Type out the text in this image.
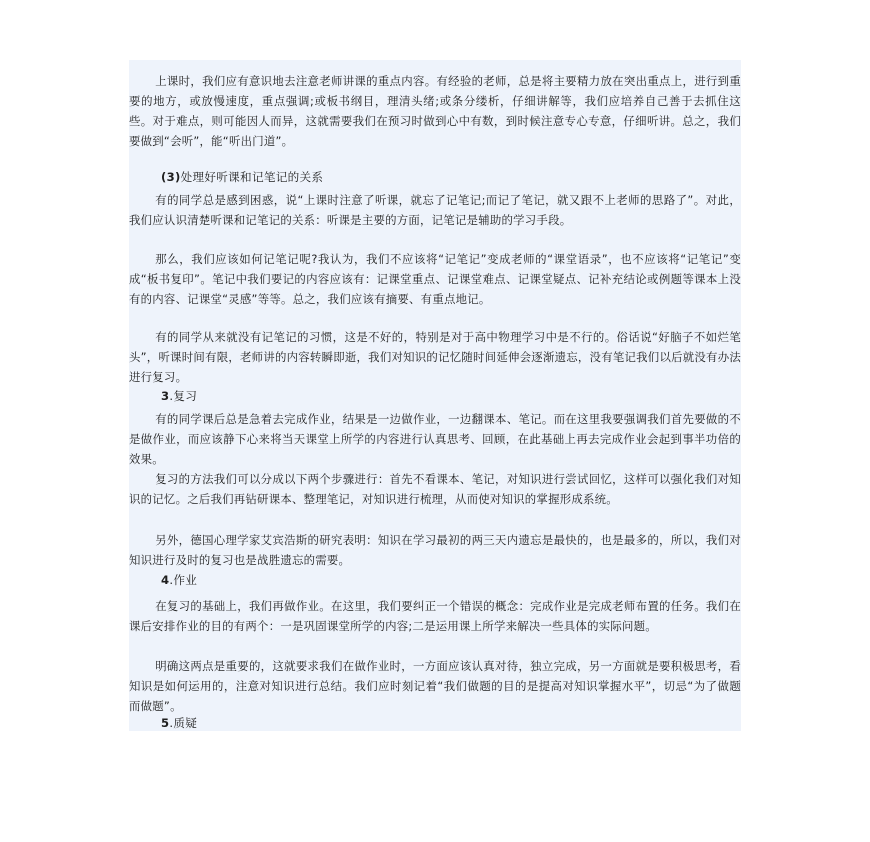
上课时，我们应有意识地去注意老师讲课的重点内容。有经验的老师，总是将主要精力放在突出重点上，进行到重要的地方，或放慢速度，重点强调;或板书纲目，理清头绪;或条分缕析，仔细讲解等，我们应培养自己善于去抓住这些。对于难点，则可能因人而异，这就需要我们在预习时做到心中有数，到时候注意专心专意，仔细听讲。总之，我们要做到“会听”，能“听出门道”。

(3)处理好听课和记笔记的关系

有的同学总是感到困惑，说“上课时注意了听课，就忘了记笔记;而记了笔记，就又跟不上老师的思路了”。对此，我们应认识清楚听课和记笔记的关系：听课是主要的方面，记笔记是辅助的学习手段。

那么，我们应该如何记笔记呢?我认为，我们不应该将“记笔记”变成老师的“课堂语录”，也不应该将“记笔记”变成“板书复印”。笔记中我们要记的内容应该有：记课堂重点、记课堂难点、记课堂疑点、记补充结论或例题等课本上没有的内容、记课堂“灵感”等等。总之，我们应该有摘要、有重点地记。

有的同学从来就没有记笔记的习惯，这是不好的，特别是对于高中物理学习中是不行的。俗话说“好脑子不如烂笔头”，听课时间有限，老师讲的内容转瞬即逝，我们对知识的记忆随时间延伸会逐渐遗忘，没有笔记我们以后就没有办法进行复习。

3.复习

有的同学课后总是急着去完成作业，结果是一边做作业，一边翻课本、笔记。而在这里我要强调我们首先要做的不是做作业，而应该静下心来将当天课堂上所学的内容进行认真思考、回顾，在此基础上再去完成作业会起到事半功倍的效果。

复习的方法我们可以分成以下两个步骤进行：首先不看课本、笔记，对知识进行尝试回忆，这样可以强化我们对知识的记忆。之后我们再钻研课本、整理笔记，对知识进行梳理，从而使对知识的掌握形成系统。

另外，德国心理学家艾宾浩斯的研究表明：知识在学习最初的两三天内遗忘是最快的，也是最多的，所以，我们对知识进行及时的复习也是战胜遗忘的需要。

4.作业

在复习的基础上，我们再做作业。在这里，我们要纠正一个错误的概念：完成作业是完成老师布置的任务。我们在课后安排作业的目的有两个：一是巩固课堂所学的内容;二是运用课上所学来解决一些具体的实际问题。

明确这两点是重要的，这就要求我们在做作业时，一方面应该认真对待，独立完成，另一方面就是要积极思考，看知识是如何运用的，注意对知识进行总结。我们应时刻记着“我们做题的目的是提高对知识掌握水平”，切忌“为了做题而做题”。

5.质疑
